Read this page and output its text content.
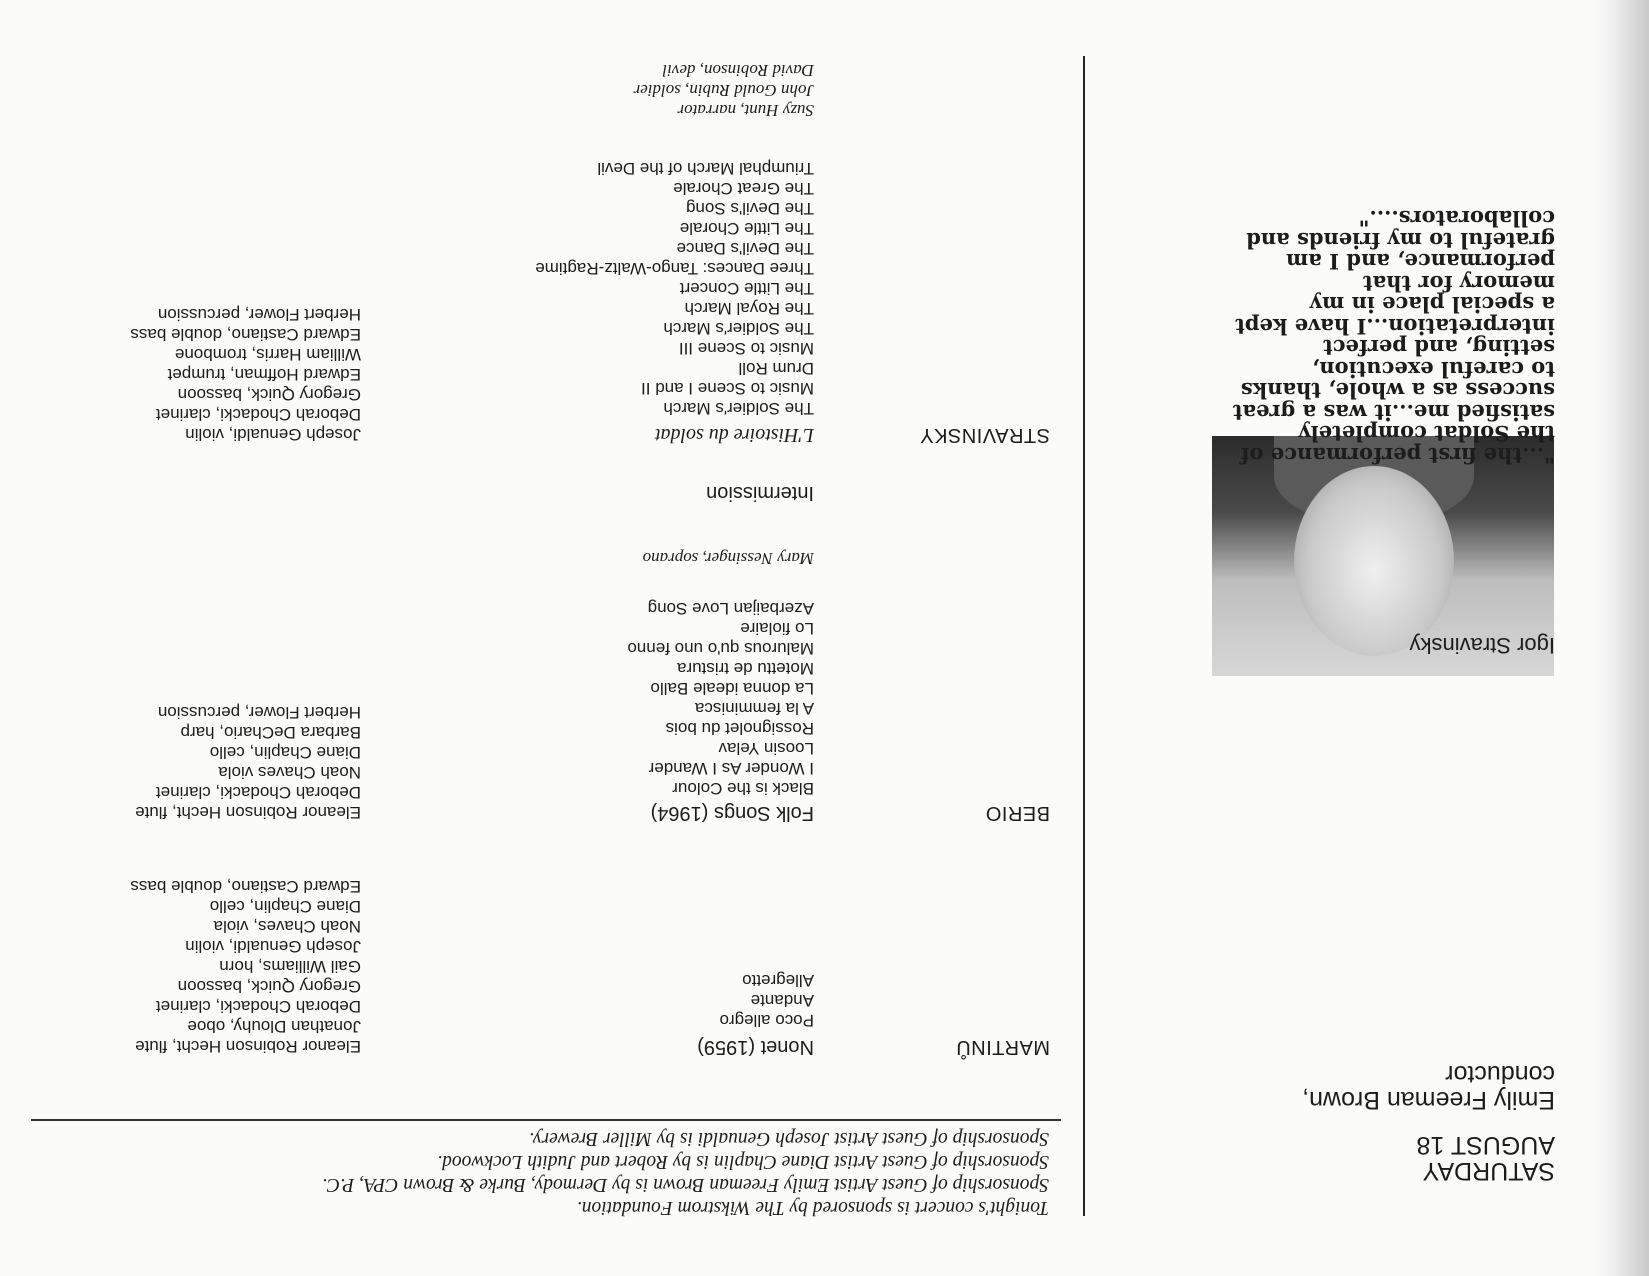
SATURDAY
AUGUST 18
Emily Freeman Brown,
conductor
Igor Stravinsky
"...the first performance of the Soldat completely satisfied me...it was a great success as a whole, thanks to careful execution, setting, and perfect interpretation...I have kept a special place in my memory for that performance, and I am grateful to my friends and collaborators...."
Tonight's concert is sponsored by The Wikstrom Foundation.
Sponsorship of Guest Artist Emily Freeman Brown is by Dermody, Burke & Brown CPA, P.C.
Sponsorship of Guest Artist Diane Chaplin is by Robert and Judith Lockwood.
Sponsorship of Guest Artist Joseph Genualdi is by Miller Brewery.
MARTINŮ
Nonet (1959)
Poco allegro
Andante
Allegretto
Eleanor Robinson Hecht, flute
Jonathan Dlouhy, oboe
Deborah Chodacki, clarinet
Gregory Quick, bassoon
Gail Williams, horn
Joseph Genualdi, violin
Noah Chaves, viola
Diane Chaplin, cello
Edward Castiano, double bass
BERIO
Folk Songs (1964)
Black is the Colour
I Wonder As I Wander
Loosin Yelav
Rossignolet du bois
A la femminisca
La donna ideale Ballo
Motettu de tristura
Malurous qu'o uno fenno
Lo fiolaire
Azerbaijan Love Song
Mary Nessinger, soprano
Eleanor Robinson Hecht, flute
Deborah Chodacki, clarinet
Noah Chaves viola
Diane Chaplin, cello
Barbara DeChario, harp
Herbert Flower, percussion
Intermission
STRAVINSKY
L'Histoire du soldat
The Soldier's March
Music to Scene I and II
Drum Roll
Music to Scene III
The Soldier's March
The Royal March
The Little Concert
Three Dances: Tango-Waltz-Ragtime
The Devil's Dance
The Little Chorale
The Devil's Song
The Great Chorale
Triumphal March of the Devil
Suzy Hunt, narrator
John Gould Rubin, soldier
David Robinson, devil
Joseph Genualdi, violin
Deborah Chodacki, clarinet
Gregory Quick, bassoon
Edward Hoffman, trumpet
William Harris, trombone
Edward Castiano, double bass
Herbert Flower, percussion
